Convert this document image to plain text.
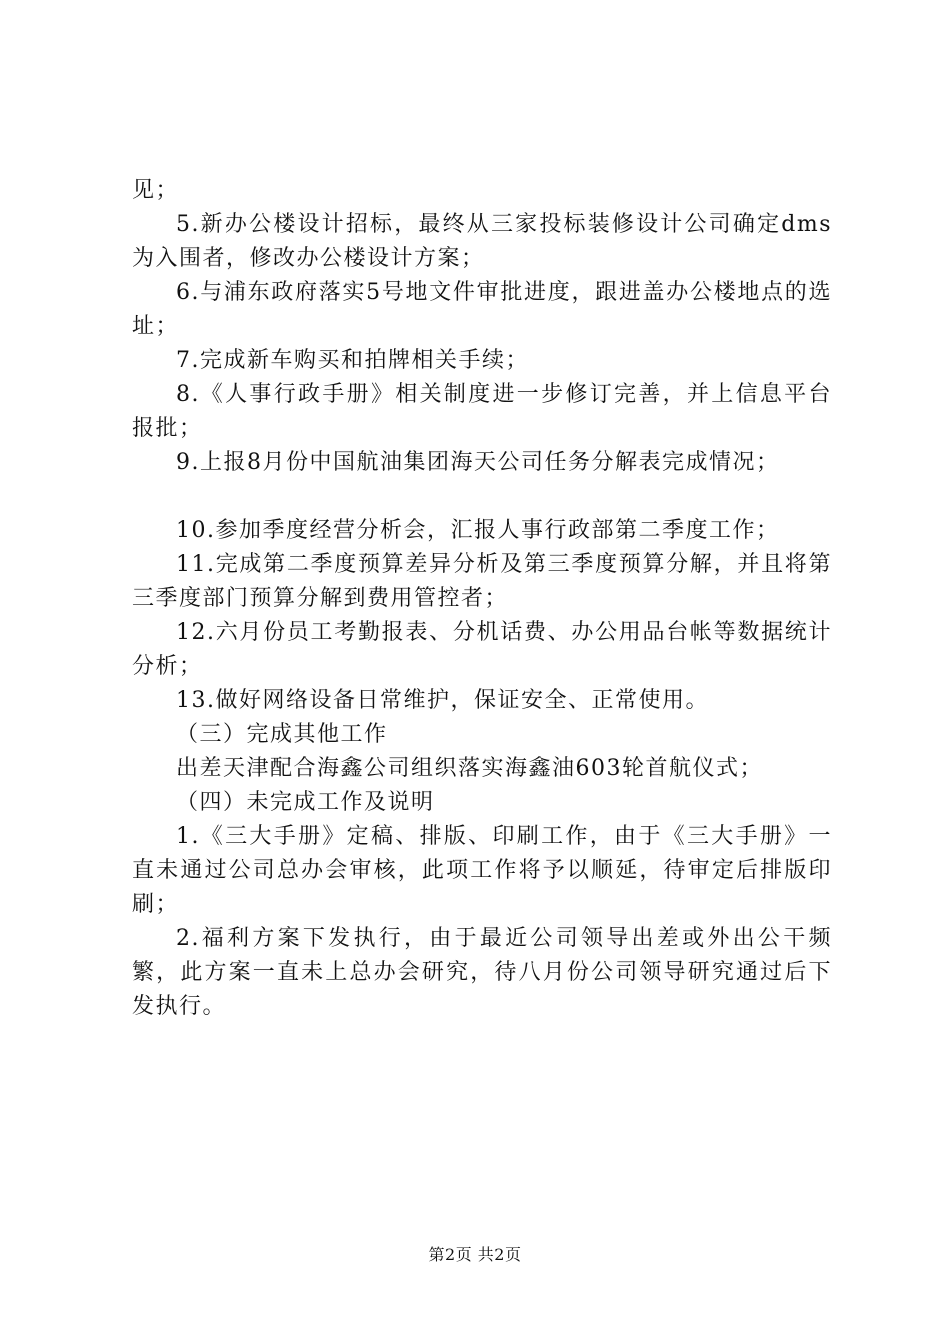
见；

5.新办公楼设计招标，最终从三家投标装修设计公司确定dms为入围者，修改办公楼设计方案；

6.与浦东政府落实5号地文件审批进度，跟进盖办公楼地点的选址；

7.完成新车购买和拍牌相关手续；

8.《人事行政手册》相关制度进一步修订完善，并上信息平台报批；

9.上报8月份中国航油集团海天公司任务分解表完成情况；

10.参加季度经营分析会，汇报人事行政部第二季度工作；

11.完成第二季度预算差异分析及第三季度预算分解，并且将第三季度部门预算分解到费用管控者；

12.六月份员工考勤报表、分机话费、办公用品台帐等数据统计分析；

13.做好网络设备日常维护，保证安全、正常使用。

（三）完成其他工作

出差天津配合海鑫公司组织落实海鑫油603轮首航仪式；

（四）未完成工作及说明

1.《三大手册》定稿、排版、印刷工作，由于《三大手册》一直未通过公司总办会审核，此项工作将予以顺延，待审定后排版印刷；

2.福利方案下发执行，由于最近公司领导出差或外出公干频繁，此方案一直未上总办会研究，待八月份公司领导研究通过后下发执行。

第2页 共2页
